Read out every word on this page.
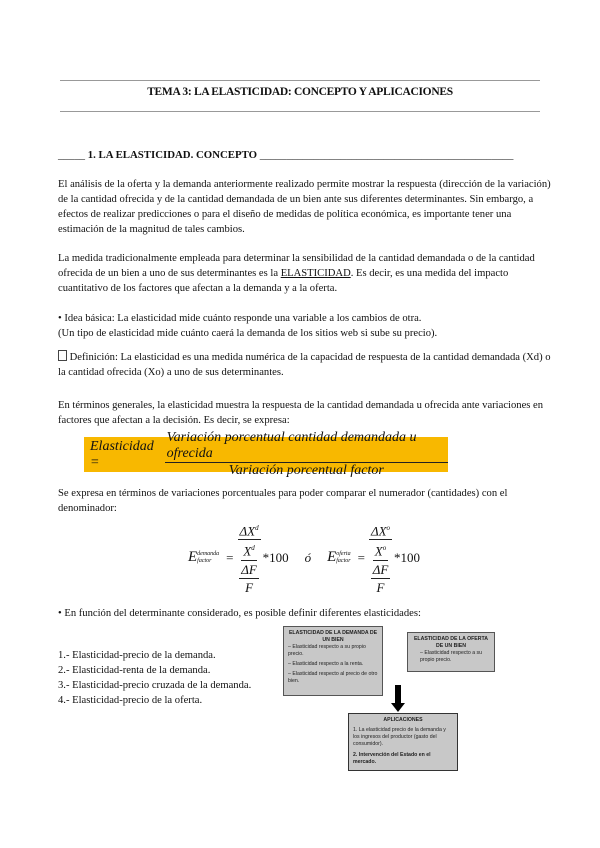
TEMA 3: LA ELASTICIDAD: CONCEPTO Y APLICACIONES
_____ 1. LA ELASTICIDAD. CONCEPTO _______________________________________________
El análisis de la oferta y la demanda anteriormente realizado permite mostrar la respuesta (dirección de la variación) de la cantidad ofrecida y de la cantidad demandada de un bien ante sus diferentes determinantes. Sin embargo, a efectos de realizar predicciones o para el diseño de medidas de política económica, es importante tener una estimación de la magnitud de tales cambios.
La medida tradicionalmente empleada para determinar la sensibilidad de la cantidad demandada o de la cantidad ofrecida de un bien a uno de sus determinantes es la ELASTICIDAD. Es decir, es una medida del impacto cuantitativo de los factores que afectan a la demanda y a la oferta.
• Idea básica: La elasticidad mide cuánto responde una variable a los cambios de otra.
(Un tipo de elasticidad mide cuánto caerá la demanda de los sitios web si sube su precio).
Definición: La elasticidad es una medida numérica de la capacidad de respuesta de la cantidad demandada (Xd) o la cantidad ofrecida (Xo) a uno de sus determinantes.
En términos generales, la elasticidad muestra la respuesta de la cantidad demandada u ofrecida ante variaciones en factores que afectan a la decisión. Es decir, se expresa:
Elasticidad =	$\frac{\text{Variación porcentual cantidad demandada u ofrecida}}{\text{Variación porcentual factor}}$
Se expresa en términos de variaciones porcentuales para poder comparar el numerador (cantidades) con el denominador:
E demanda
factor	=
$\Delta X^d$
$X^d$
ΔF
F
*100 ó E oferta
factor =
$\Delta X^o$
$X^o$
ΔF
F
*100
• En función del determinante considerado, es posible definir diferentes elasticidades:
1.- Elasticidad-precio de la demanda.
2.- Elasticidad-renta de la demanda.
3.- Elasticidad-precio cruzada de la demanda.
4.- Elasticidad-precio de la oferta.
ELASTICIDAD DE LA DEMANDA DE UN BIEN
– Elasticidad respecto a su propio precio.
– Elasticidad respecto a la renta.
– Elasticidad respecto al precio de otro bien.
ELASTICIDAD DE LA OFERTA DE UN BIEN
– Elasticidad respecto a su propio precio.
APLICACIONES
1. La elasticidad precio de la demanda y los ingresos del productor (gasto del consumidor).
2. Intervención del Estado en el mercado.
